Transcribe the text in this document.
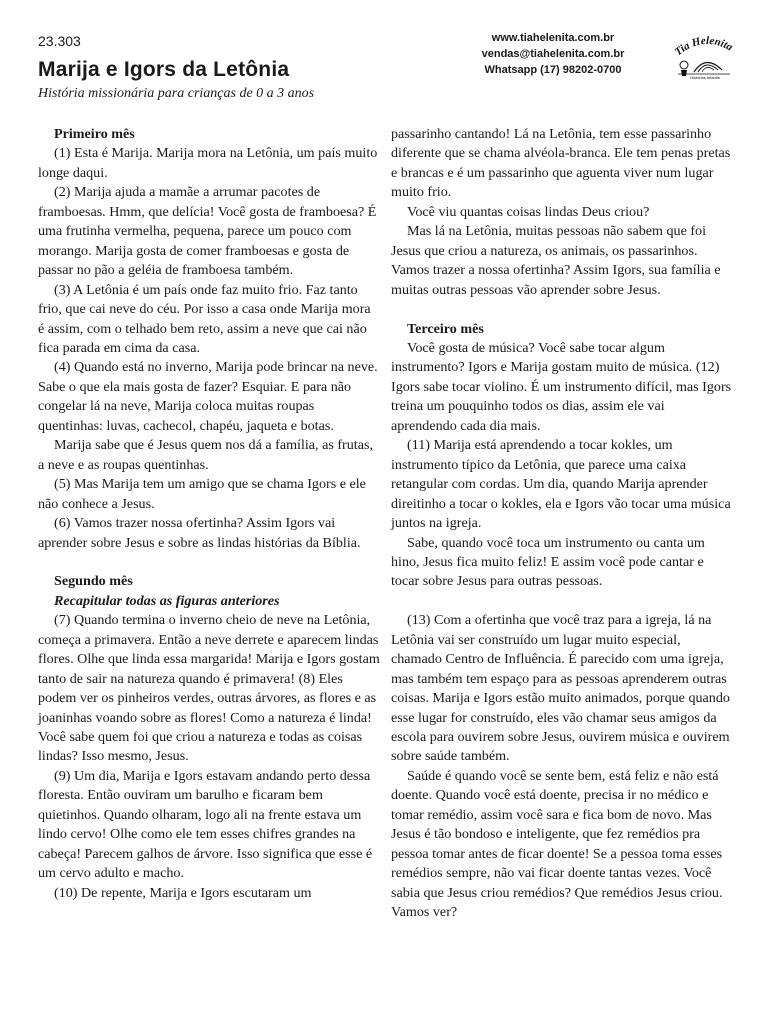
23.303
Marija e Igors da Letônia
História missionária para crianças de 0 a 3 anos
www.tiahelenita.com.br
vendas@tiahelenita.com.br
Whatsapp (17) 98202-0700
Tia Helenita
Histórias Infantis
Primeiro mês

(1) Esta é Marija. Marija mora na Letônia, um país muito longe daqui.

(2) Marija ajuda a mamãe a arrumar pacotes de framboesas. Hmm, que delícia! Você gosta de framboesa? É uma frutinha vermelha, pequena, parece um pouco com morango. Marija gosta de comer framboesas e gosta de passar no pão a geléia de framboesa também.

(3) A Letônia é um país onde faz muito frio. Faz tanto frio, que cai neve do céu. Por isso a casa onde Marija mora é assim, com o telhado bem reto, assim a neve que cai não fica parada em cima da casa.

(4) Quando está no inverno, Marija pode brincar na neve. Sabe o que ela mais gosta de fazer? Esquiar. E para não congelar lá na neve, Marija coloca muitas roupas quentinhas: luvas, cachecol, chapéu, jaqueta e botas.

Marija sabe que é Jesus quem nos dá a família, as frutas, a neve e as roupas quentinhas.

(5) Mas Marija tem um amigo que se chama Igors e ele não conhece a Jesus.

(6) Vamos trazer nossa ofertinha? Assim Igors vai aprender sobre Jesus e sobre as lindas histórias da Bíblia.

Segundo mês
Recapitular todas as figuras anteriores

(7) Quando termina o inverno cheio de neve na Letônia, começa a primavera. Então a neve derrete e aparecem lindas flores. Olhe que linda essa margarida! Marija e Igors gostam tanto de sair na natureza quando é primavera! (8) Eles podem ver os pinheiros verdes, outras árvores, as flores e as joaninhas voando sobre as flores! Como a natureza é linda! Você sabe quem foi que criou a natureza e todas as coisas lindas? Isso mesmo, Jesus.

(9) Um dia, Marija e Igors estavam andando perto dessa floresta. Então ouviram um barulho e ficaram bem quietinhos. Quando olharam, logo ali na frente estava um lindo cervo! Olhe como ele tem esses chifres grandes na cabeça! Parecem galhos de árvore. Isso significa que esse é um cervo adulto e macho.

(10) De repente, Marija e Igors escutaram um

passarinho cantando! Lá na Letônia, tem esse passarinho diferente que se chama alvéola-branca. Ele tem penas pretas e brancas e é um passarinho que aguenta viver num lugar muito frio.

Você viu quantas coisas lindas Deus criou?

Mas lá na Letônia, muitas pessoas não sabem que foi Jesus que criou a natureza, os animais, os passarinhos. Vamos trazer a nossa ofertinha? Assim Igors, sua família e muitas outras pessoas vão aprender sobre Jesus.

Terceiro mês

Você gosta de música? Você sabe tocar algum instrumento? Igors e Marija gostam muito de música. (12) Igors sabe tocar violino. É um instrumento difícil, mas Igors treina um pouquinho todos os dias, assim ele vai aprendendo cada dia mais.

(11) Marija está aprendendo a tocar kokles, um instrumento típico da Letônia, que parece uma caixa retangular com cordas. Um dia, quando Marija aprender direitinho a tocar o kokles, ela e Igors vão tocar uma música juntos na igreja.

Sabe, quando você toca um instrumento ou canta um hino, Jesus fica muito feliz! E assim você pode cantar e tocar sobre Jesus para outras pessoas.

(13) Com a ofertinha que você traz para a igreja, lá na Letônia vai ser construído um lugar muito especial, chamado Centro de Influência. É parecido com uma igreja, mas também tem espaço para as pessoas aprenderem outras coisas. Marija e Igors estão muito animados, porque quando esse lugar for construído, eles vão chamar seus amigos da escola para ouvirem sobre Jesus, ouvirem música e ouvirem sobre saúde também.

Saúde é quando você se sente bem, está feliz e não está doente. Quando você está doente, precisa ir no médico e tomar remédio, assim você sara e fica bom de novo. Mas Jesus é tão bondoso e inteligente, que fez remédios pra pessoa tomar antes de ficar doente! Se a pessoa toma esses remédios sempre, não vai ficar doente tantas vezes. Você sabia que Jesus criou remédios? Que remédios Jesus criou. Vamos ver?
